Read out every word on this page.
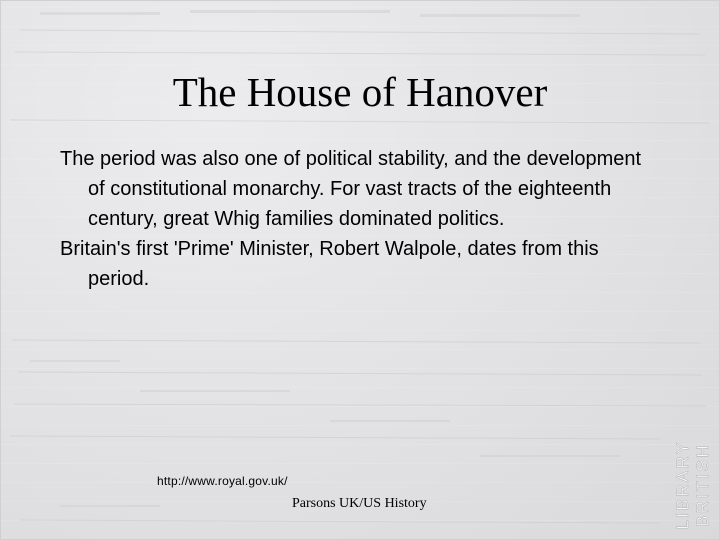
The House of Hanover
The period was also one of political stability, and the development of constitutional monarchy. For vast tracts of the eighteenth century, great Whig families dominated politics.
Britain's first 'Prime' Minister, Robert Walpole, dates from this period.
http://www.royal.gov.uk/
Parsons UK/US History	LIBRARY BRITISH
